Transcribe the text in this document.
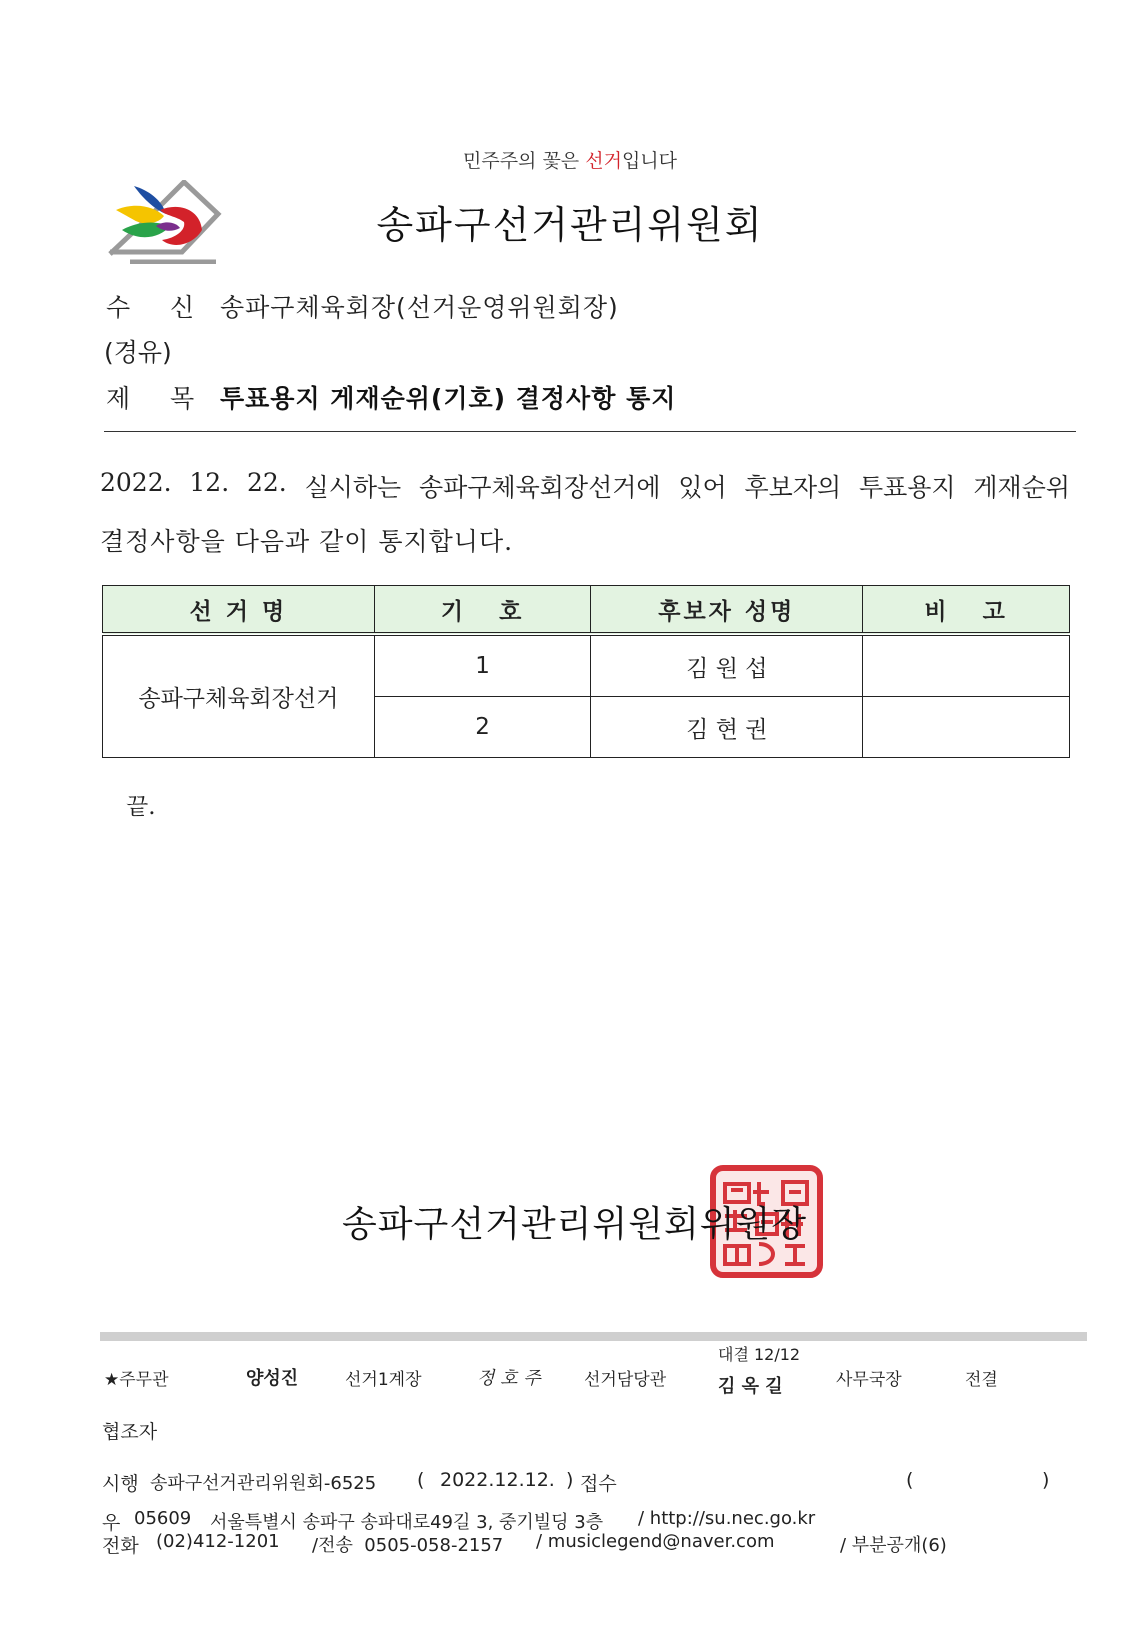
민주주의 꽃은 선거입니다
송파구선거관리위원회
수  신 송파구체육회장(선거운영위원회장)
(경유)
제  목 투표용지 게재순위(기호) 결정사항 통지
2022. 12. 22. 실시하는 송파구체육회장선거에 있어 후보자의 투표용지 게재순위
결정사항을 다음과 같이 통지합니다.
선 거 명	기   호	후보자 성명	비   고
송파구체육회장선거	1	김 원 섭	
	2	김 현 권	
끝.
송파구선거관리위원회위원장
★주무관	양성진	선거1계장	정 호 주	선거담당관
대결 12/12
김 옥 길	사무국장	전결
협조자
시행 송파구선거관리위원회-6525 ( 2022.12.12. ) 접수	(	)
우 05609 서울특별시 송파구 송파대로49길 3, 중기빌딩 3층 / http://su.nec.go.kr
전화 (02)412-1201 /전송  0505-058-2157 / musiclegend@naver.com	/ 부분공개(6)
